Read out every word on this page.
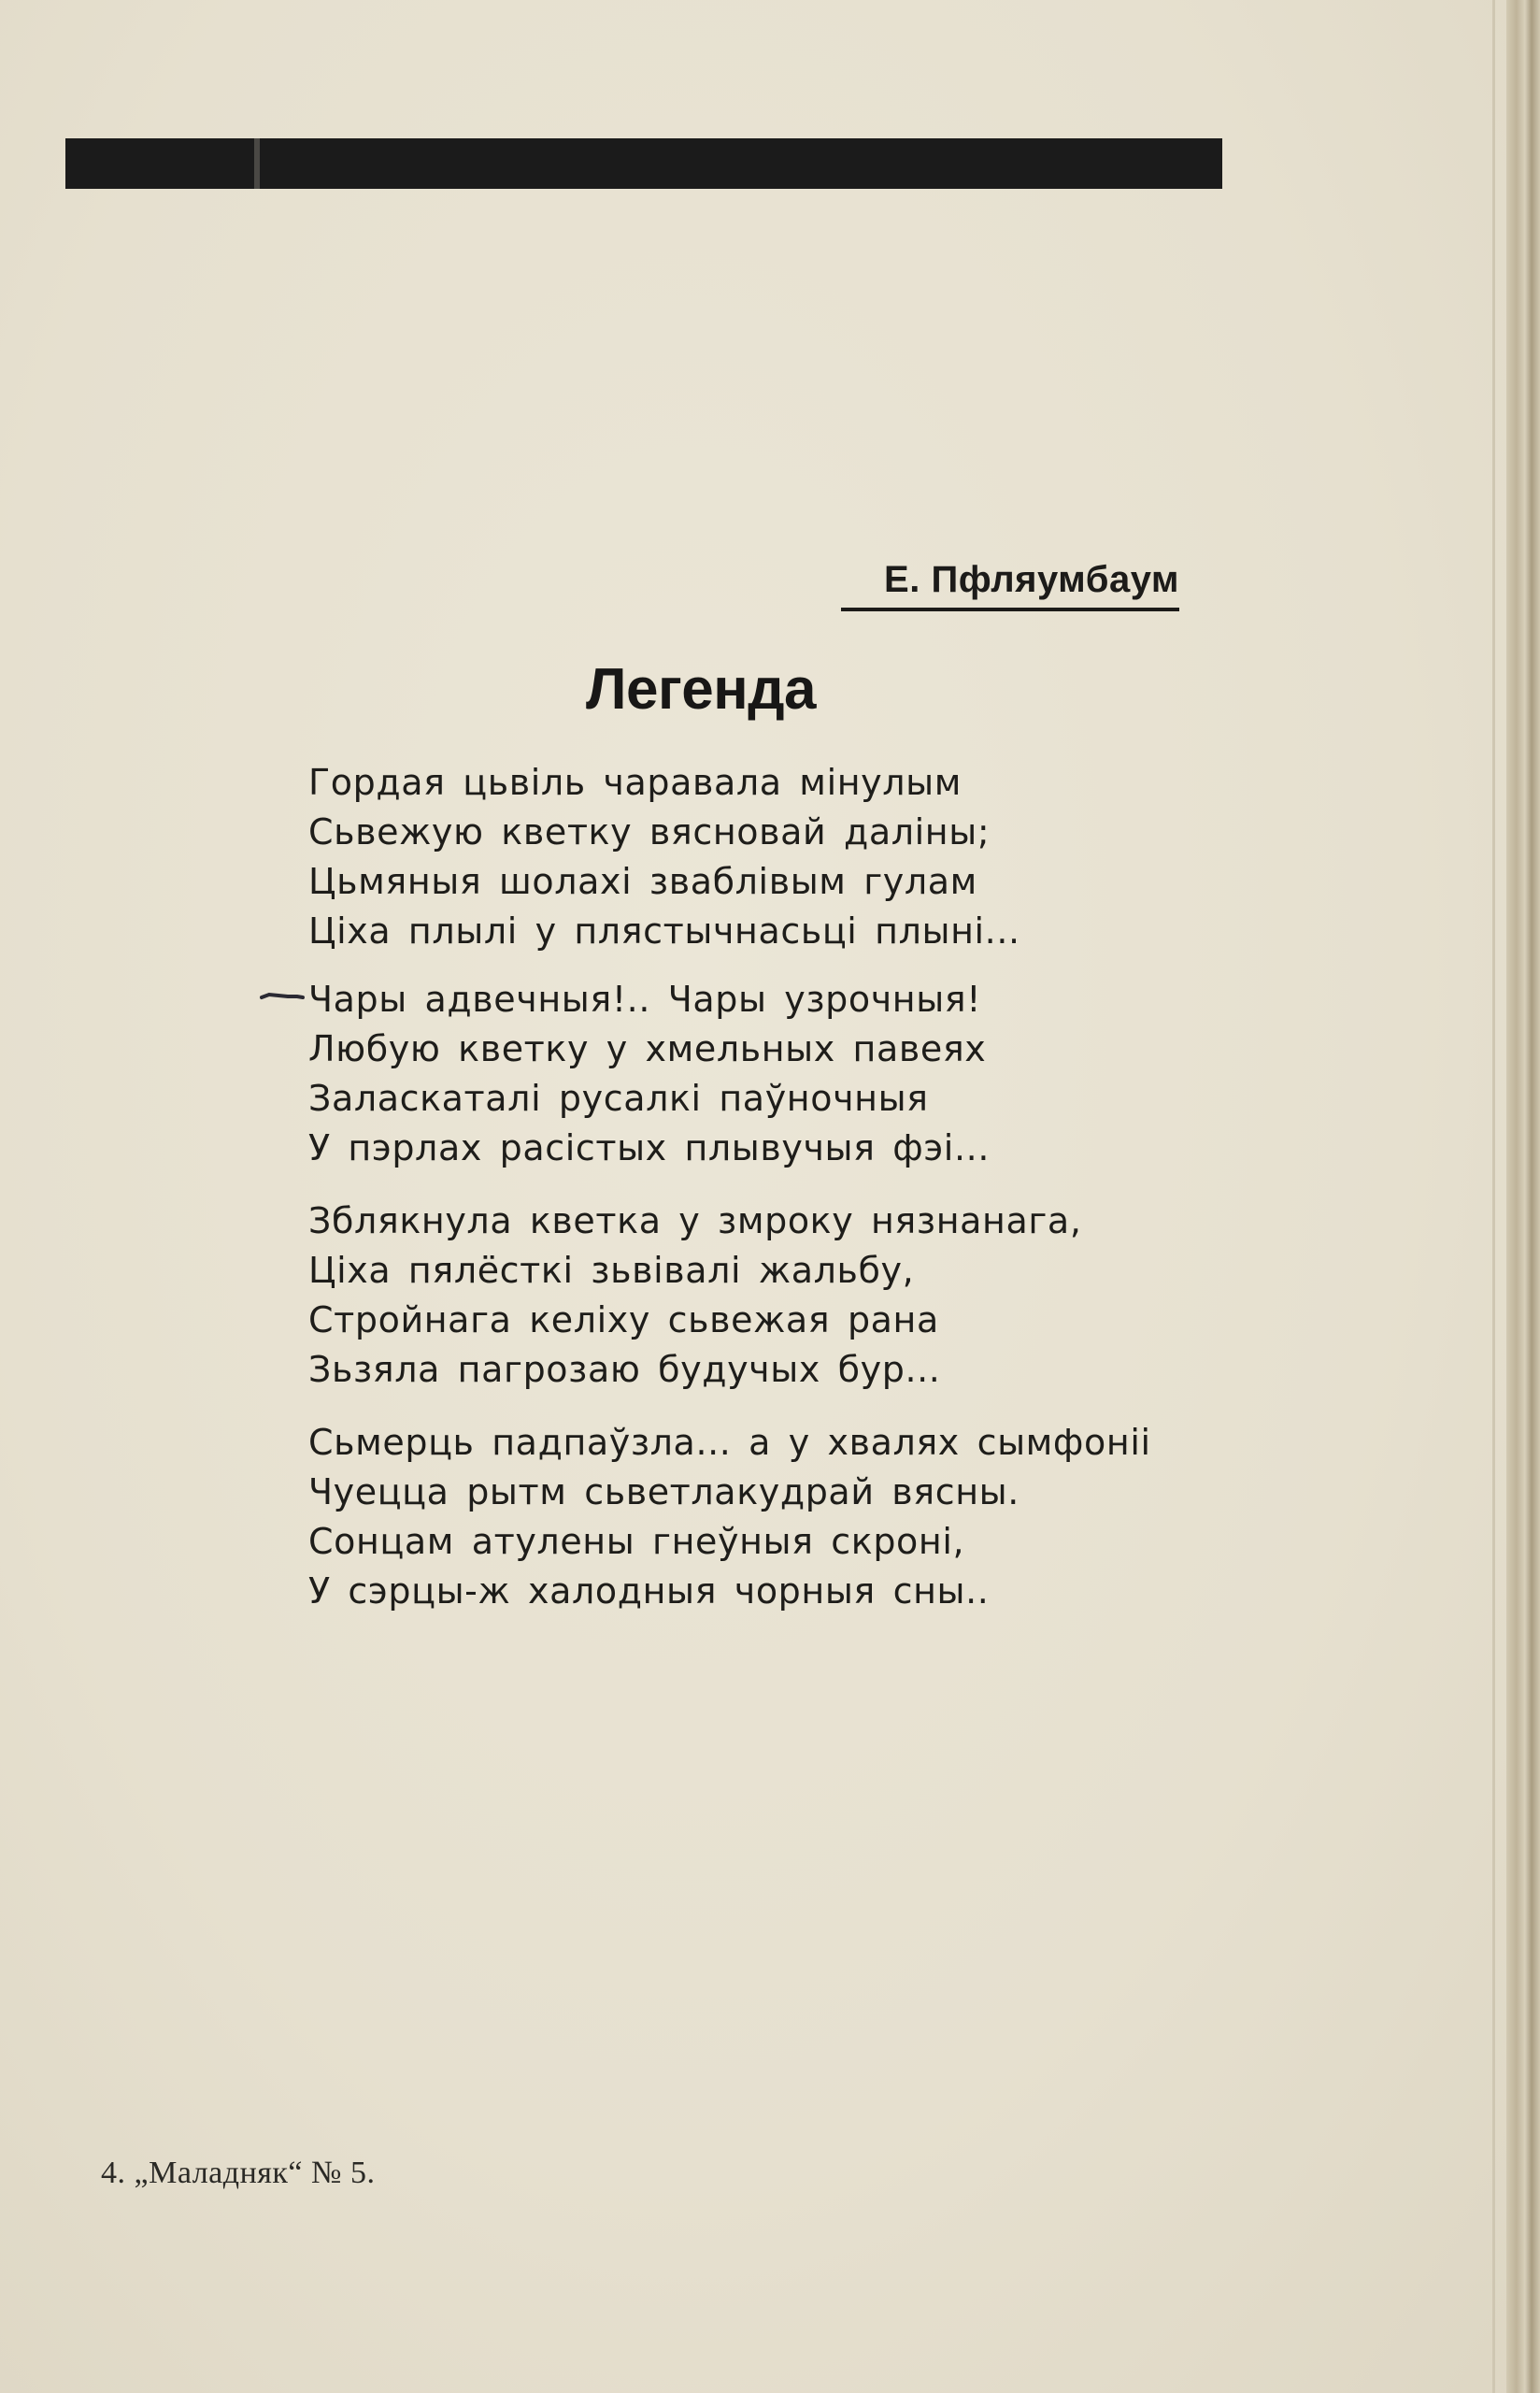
Е. Пфляумбаум
Легенда
Гордая цьвіль чаравала мінулым
Сьвежую кветку вясновай даліны;
Цьмяныя шолахі зваблівым гулам
Ціха плылі у плястычнасьці плыні...
Чары адвечныя!.. Чары узрочныя!
Любую кветку у хмельных павеях
Заласкаталі русалкі паўночныя
У пэрлах расістых плывучыя фэі...
Зблякнула кветка у змроку нязнанага,
Ціха пялёсткі зьвівалі жальбу,
Стройнага келіху сьвежая рана
Зьзяла пагрозаю будучых бур...
Сьмерць падпаўзла... а у хвалях сымфоніі
Чуецца рытм сьветлакудрай вясны.
Сонцам атулены гнеўныя скроні,
У сэрцы-ж халодныя чорныя сны..
4. „Маладняк“ № 5.
